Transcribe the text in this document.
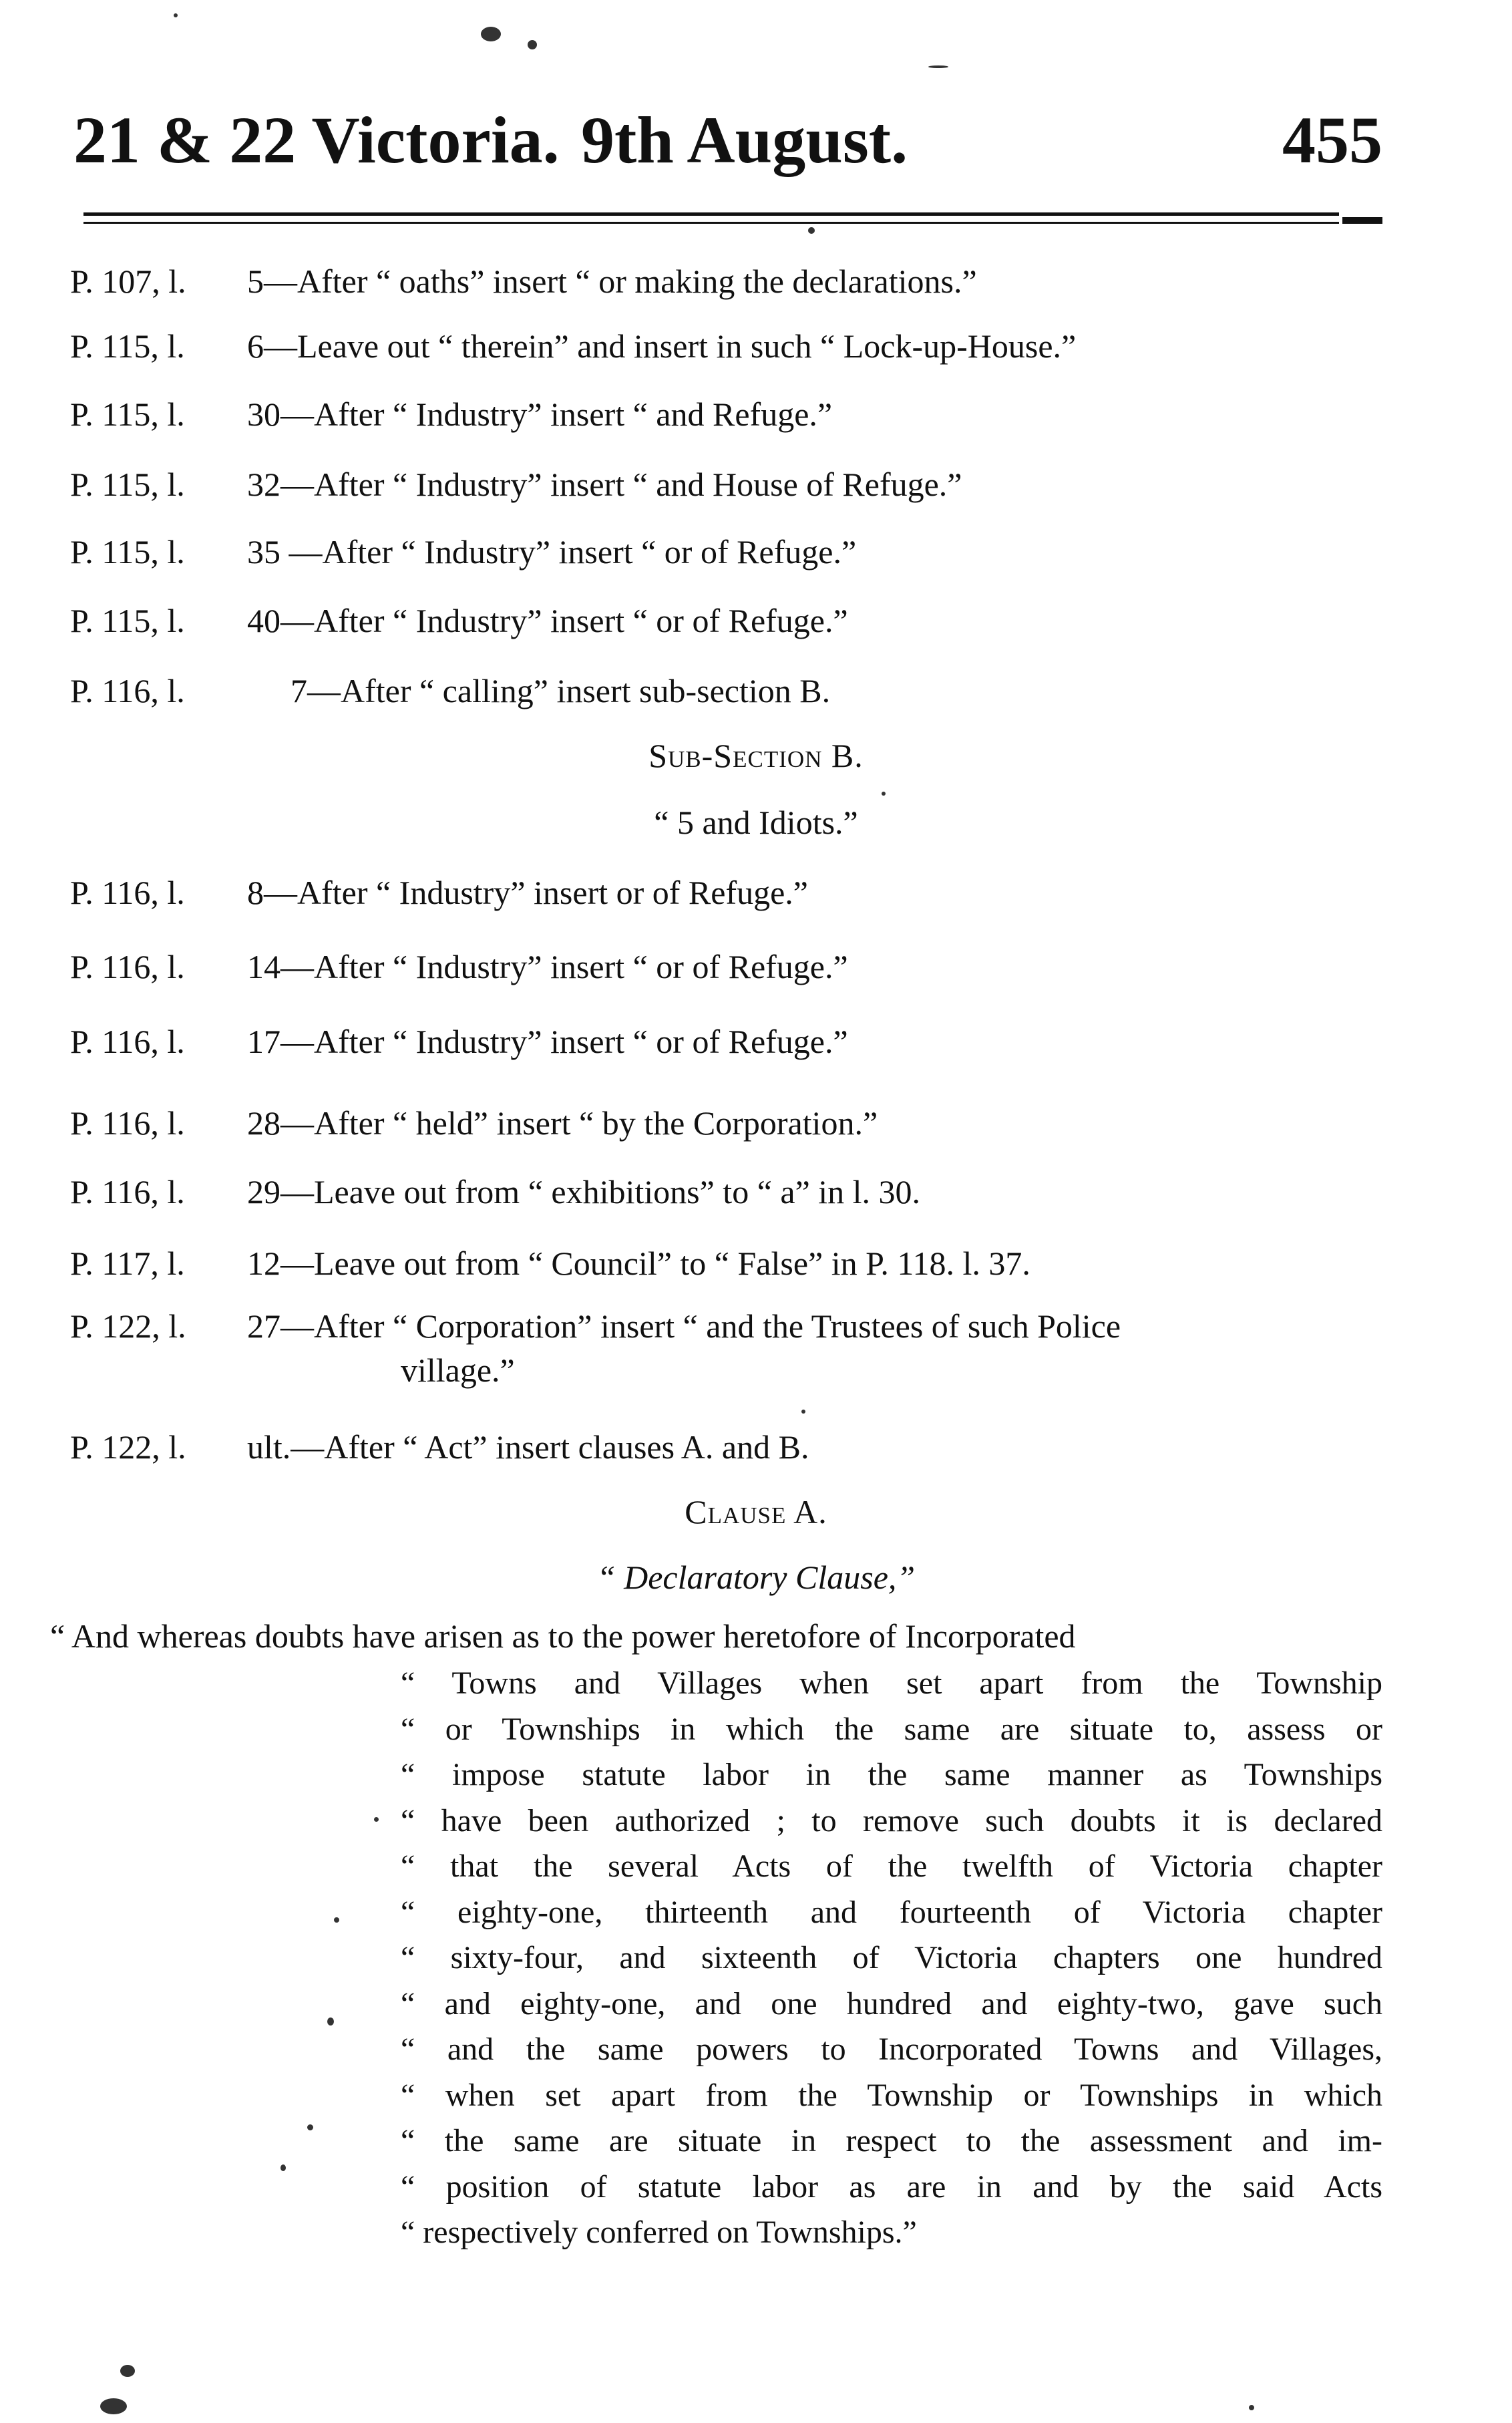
21 & 22 Victoria. 9th August.	455
P. 107, l. 5—After “ oaths” insert “ or making the declarations.”
P. 115, l. 6—Leave out “ therein” and insert in such “ Lock-up-House.”
P. 115, l. 30—After “ Industry” insert “ and Refuge.”
P. 115, l. 32—After “ Industry” insert “ and House of Refuge.”
P. 115, l. 35 —After “ Industry” insert “ or of Refuge.”
P. 115, l. 40—After “ Industry” insert “ or of Refuge.”
P. 116, l.	7—After “ calling” insert sub-section B.
Sub-Section B.
“ 5 and Idiots.”
P. 116, l. 8—After “ Industry” insert or of Refuge.”
P. 116, l. 14—After “ Industry” insert “ or of Refuge.”
P. 116, l. 17—After “ Industry” insert “ or of Refuge.”
P. 116, l. 28—After “ held” insert “ by the Corporation.”
P. 116, l. 29—Leave out from “ exhibitions” to “ a” in l. 30.
P. 117, l. 12—Leave out from “ Council” to “ False” in P. 118. l. 37.
P. 122, l. 27—After “ Corporation” insert “ and the Trustees of such Police
village.”
P. 122, l. ult.—After “ Act” insert clauses A. and B.
Clause A.
“ Declaratory Clause,”
“ And whereas doubts have arisen as to the power heretofore of Incorporated
“ Towns and Villages when set apart from the Township
“ or Townships in which the same are situate to, assess or
“ impose statute labor in the same manner as Townships
“ have been authorized ; to remove such doubts it is declared
“ that the several Acts of the twelfth of Victoria chapter
“ eighty-one, thirteenth and fourteenth of Victoria chapter
“ sixty-four, and sixteenth of Victoria chapters one hundred
“ and eighty-one, and one hundred and eighty-two, gave such
“ and the same powers to Incorporated Towns and Villages,
“ when set apart from the Township or Townships in which
“ the same are situate in respect to the assessment and im-
“ position of statute labor as are in and by the said Acts
“ respectively conferred on Townships.”
